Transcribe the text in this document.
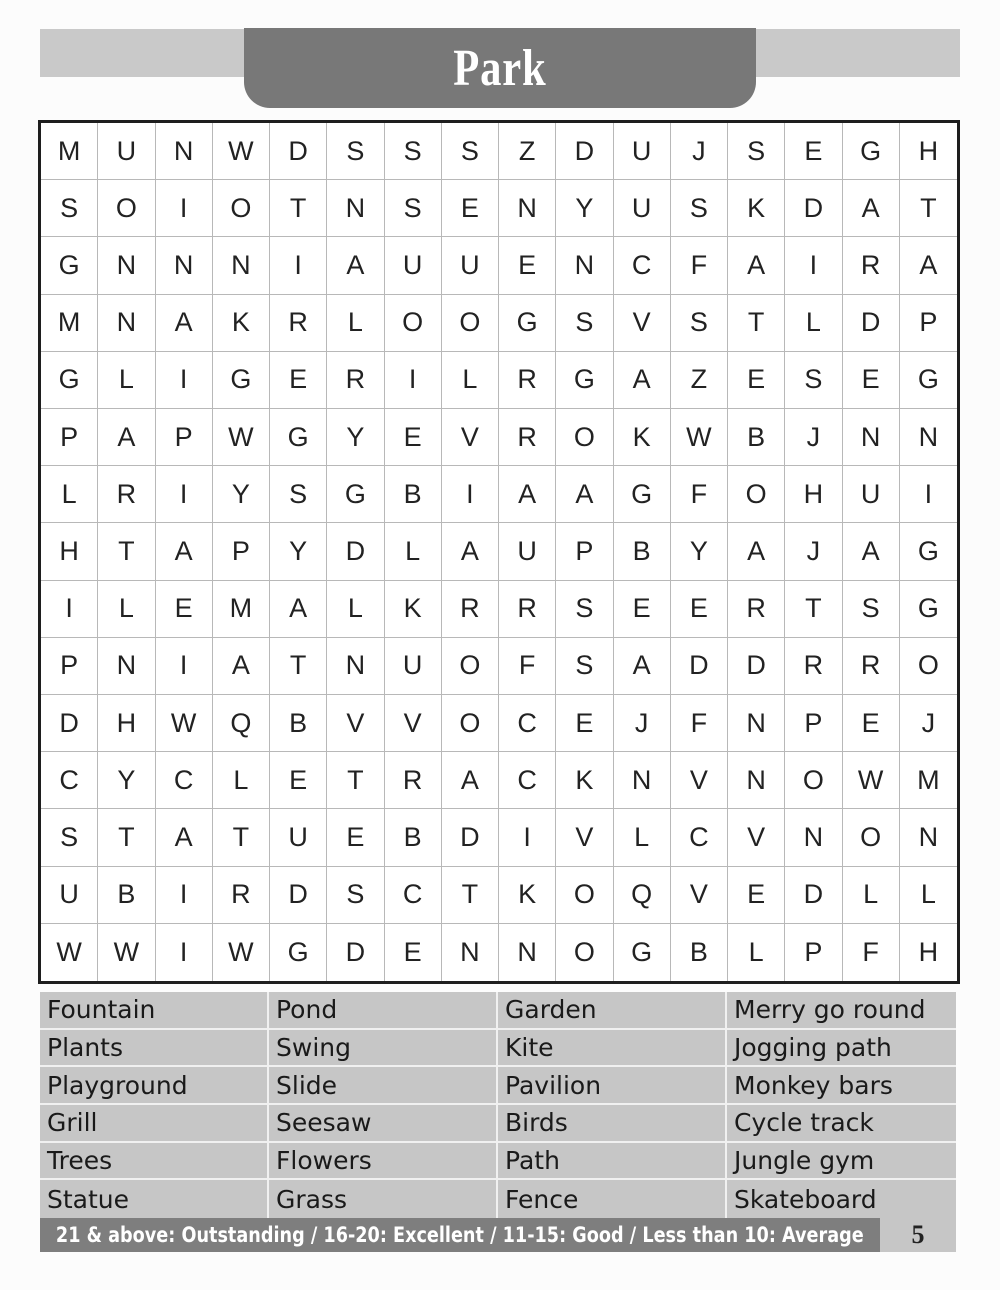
Park
M	U	N	W	D	S	S	S	Z	D	U	J	S	E	G	H
S	O	I	O	T	N	S	E	N	Y	U	S	K	D	A	T
G	N	N	N	I	A	U	U	E	N	C	F	A	I	R	A
M	N	A	K	R	L	O	O	G	S	V	S	T	L	D	P
G	L	I	G	E	R	I	L	R	G	A	Z	E	S	E	G
P	A	P	W	G	Y	E	V	R	O	K	W	B	J	N	N
L	R	I	Y	S	G	B	I	A	A	G	F	O	H	U	I
H	T	A	P	Y	D	L	A	U	P	B	Y	A	J	A	G
I	L	E	M	A	L	K	R	R	S	E	E	R	T	S	G
P	N	I	A	T	N	U	O	F	S	A	D	D	R	R	O
D	H	W	Q	B	V	V	O	C	E	J	F	N	P	E	J
C	Y	C	L	E	T	R	A	C	K	N	V	N	O	W	M
S	T	A	T	U	E	B	D	I	V	L	C	V	N	O	N
U	B	I	R	D	S	C	T	K	O	Q	V	E	D	L	L
W	W	I	W	G	D	E	N	N	O	G	B	L	P	F	H
Fountain	Pond	Garden	Merry go round
Plants	Swing	Kite	Jogging path
Playground	Slide	Pavilion	Monkey bars
Grill	Seesaw	Birds	Cycle track
Trees	Flowers	Path	Jungle gym
Statue	Grass	Fence	Skateboard
21 & above: Outstanding / 16-20: Excellent / 11-15: Good / Less than 10: Average 5
